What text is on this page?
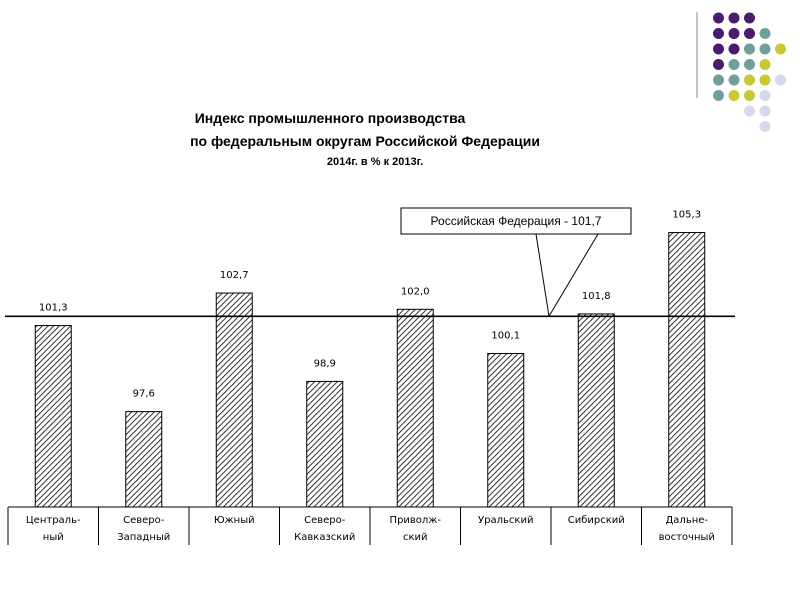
Индекс промышленного производства
по федеральным округам Российской Федерации
2014г. в % к 2013г.
101,3
Централь-
ный
97,6
Северо-
Западный
102,7
Южный
98,9
Северо-
Кавказский
102,0
Приволж-
ский
100,1
Уральский
101,8
Сибирский
105,3
Дальне-
восточный
Российская Федерация - 101,7
